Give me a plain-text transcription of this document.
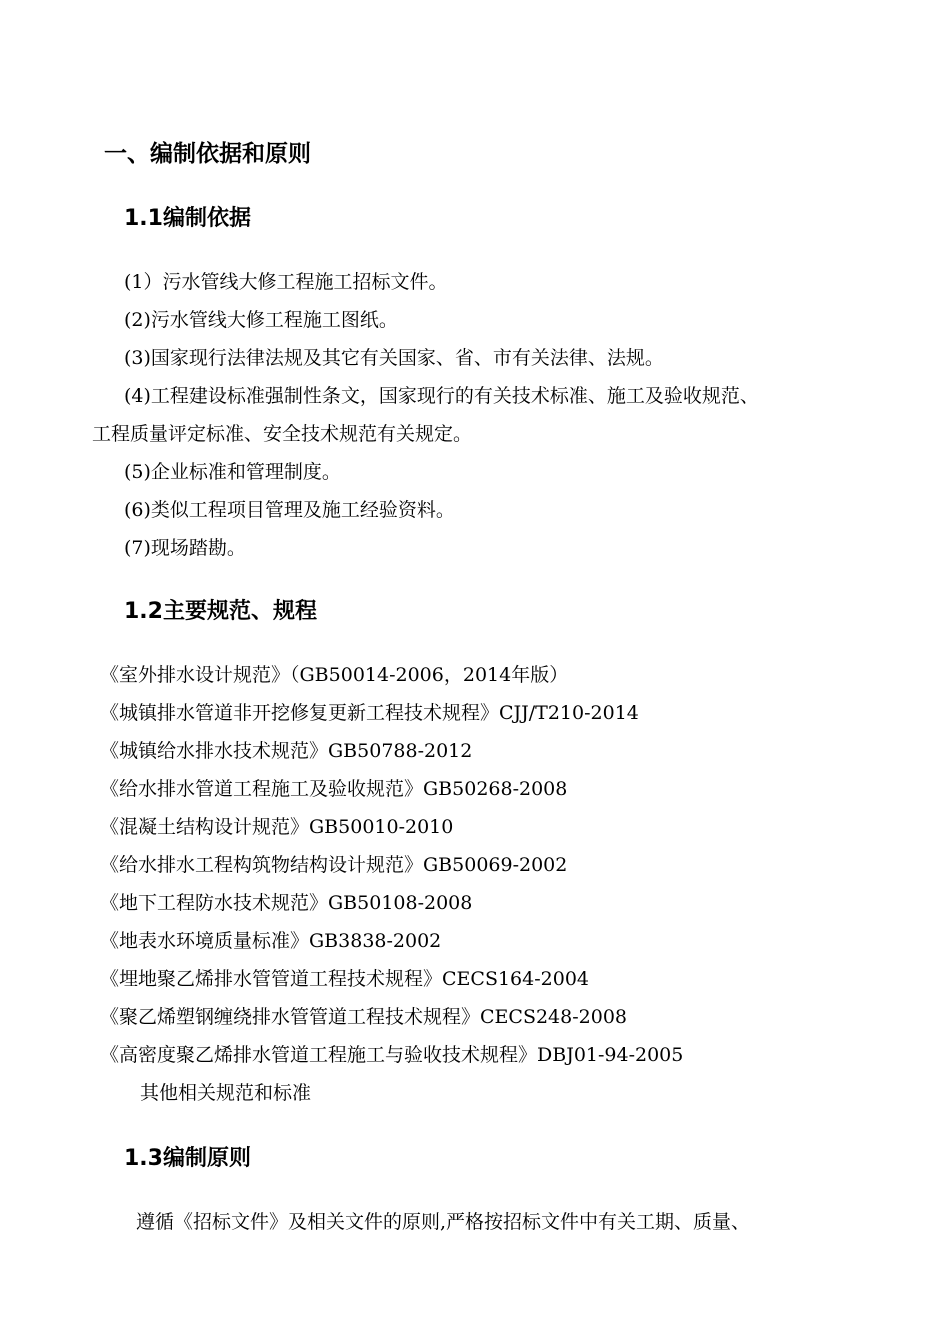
一、编制依据和原则
1.1编制依据
(1）污水管线大修工程施工招标文件。
(2)污水管线大修工程施工图纸。
(3)国家现行法律法规及其它有关国家、省、市有关法律、法规。
(4)工程建设标准强制性条文，国家现行的有关技术标准、施工及验收规范、
工程质量评定标准、安全技术规范有关规定。
(5)企业标准和管理制度。
(6)类似工程项目管理及施工经验资料。
(7)现场踏勘。
1.2主要规范、规程
《室外排水设计规范》（GB50014-2006，2014年版）
《城镇排水管道非开挖修复更新工程技术规程》CJJ/T210-2014
《城镇给水排水技术规范》GB50788-2012
《给水排水管道工程施工及验收规范》GB50268-2008
《混凝土结构设计规范》GB50010-2010
《给水排水工程构筑物结构设计规范》GB50069-2002
《地下工程防水技术规范》GB50108-2008
《地表水环境质量标准》GB3838-2002
《埋地聚乙烯排水管管道工程技术规程》CECS164-2004
《聚乙烯塑钢缠绕排水管管道工程技术规程》CECS248-2008
《高密度聚乙烯排水管道工程施工与验收技术规程》DBJ01-94-2005
其他相关规范和标准
1.3编制原则
遵循《招标文件》及相关文件的原则,严格按招标文件中有关工期、质量、
